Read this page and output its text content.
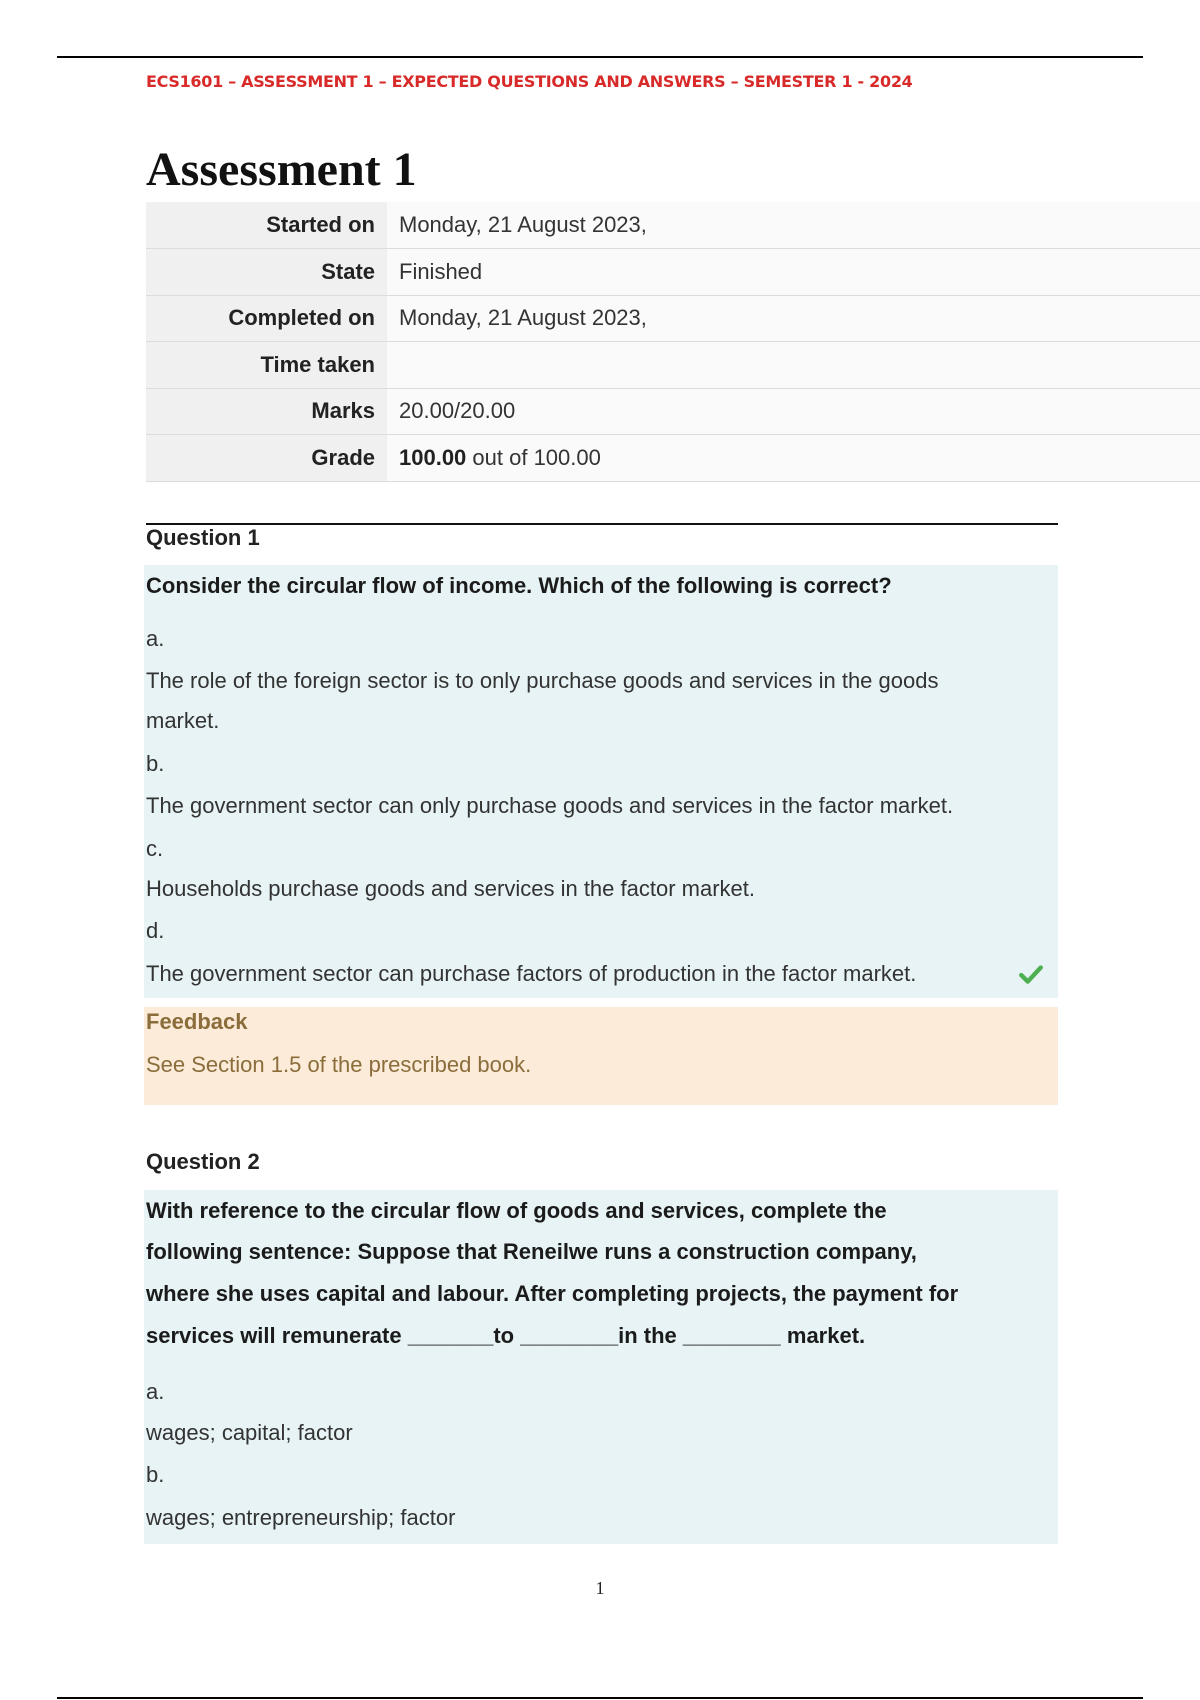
ECS1601 – ASSESSMENT 1 – EXPECTED QUESTIONS AND ANSWERS – SEMESTER 1 - 2024
Assessment 1
Started on	Monday, 21 August 2023,
State	Finished
Completed on	Monday, 21 August 2023,
Time taken	
Marks	20.00/20.00
Grade	100.00 out of 100.00
Question 1
Consider the circular flow of income. Which of the following is correct?
a.
The role of the foreign sector is to only purchase goods and services in the goods
market.
b.
The government sector can only purchase goods and services in the factor market.
c.
Households purchase goods and services in the factor market.
d.
The government sector can purchase factors of production in the factor market.
Feedback
See Section 1.5 of the prescribed book.
Question 2
With reference to the circular flow of goods and services, complete the
following sentence: Suppose that Reneilwe runs a construction company,
where she uses capital and labour. After completing projects, the payment for
services will remunerate _______to ________in the ________ market.
a.
wages; capital; factor
b.
wages; entrepreneurship; factor
1
